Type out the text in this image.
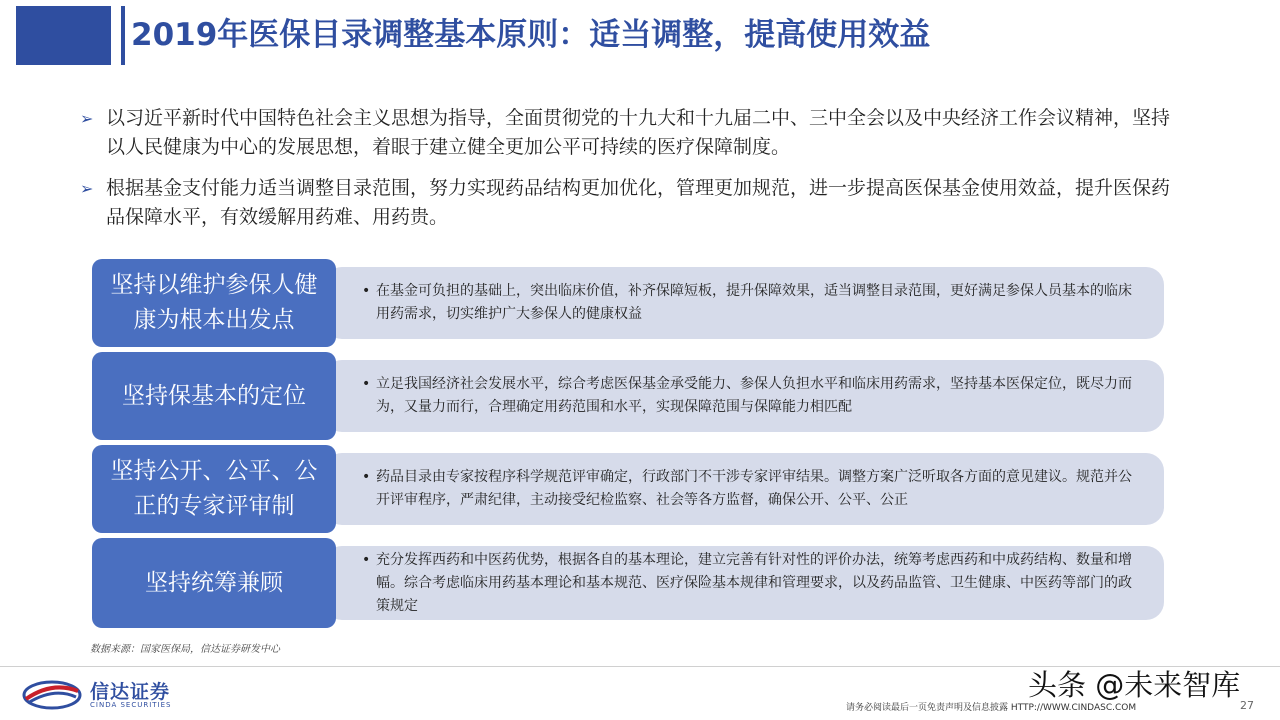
2019年医保目录调整基本原则：适当调整，提高使用效益
➢ 以习近平新时代中国特色社会主义思想为指导，全面贯彻党的十九大和十九届二中、三中全会以及中央经济工作会议精神，坚持以人民健康为中心的发展思想，着眼于建立健全更加公平可持续的医疗保障制度。
➢ 根据基金支付能力适当调整目录范围，努力实现药品结构更加优化，管理更加规范，进一步提高医保基金使用效益，提升医保药品保障水平，有效缓解用药难、用药贵。
坚持以维护参保人健康为根本出发点
• 在基金可负担的基础上，突出临床价值，补齐保障短板，提升保障效果，适当调整目录范围，更好满足参保人员基本的临床用药需求，切实维护广大参保人的健康权益
坚持保基本的定位	• 立足我国经济社会发展水平，综合考虑医保基金承受能力、参保人负担水平和临床用药需求，坚持基本医保定位，既尽力而为，又量力而行，合理确定用药范围和水平，实现保障范围与保障能力相匹配
坚持公开、公平、公正的专家评审制
• 药品目录由专家按程序科学规范评审确定，行政部门不干涉专家评审结果。调整方案广泛听取各方面的意见建议。规范并公开评审程序，严肃纪律，主动接受纪检监察、社会等各方监督，确保公开、公平、公正
坚持统筹兼顾
• 充分发挥西药和中医药优势，根据各自的基本理论，建立完善有针对性的评价办法，统筹考虑西药和中成药结构、数量和增幅。综合考虑临床用药基本理论和基本规范、医疗保险基本规律和管理要求，以及药品监管、卫生健康、中医药等部门的政策规定
数据来源：国家医保局，信达证券研发中心
信达证券
CINDA SECURITIES
头条 @未来智库
请务必阅读最后一页免责声明及信息披露 HTTP://WWW.CINDASC.COM	27
